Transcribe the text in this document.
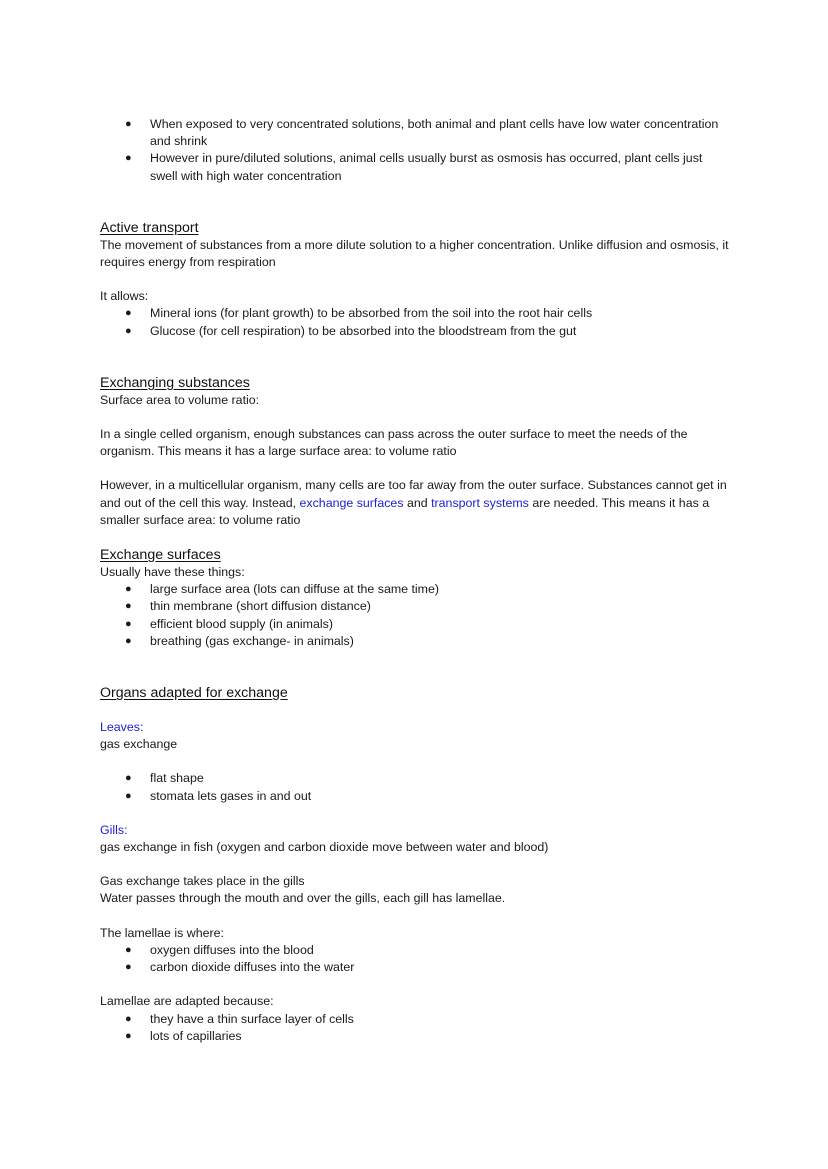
● When exposed to very concentrated solutions, both animal and plant cells have low water concentration and shrink
● However in pure/diluted solutions, animal cells usually burst as osmosis has occurred, plant cells just swell with high water concentration

Active transport

The movement of substances from a more dilute solution to a higher concentration. Unlike diffusion and osmosis, it requires energy from respiration

It allows:

● Mineral ions (for plant growth) to be absorbed from the soil into the root hair cells
● Glucose (for cell respiration) to be absorbed into the bloodstream from the gut

Exchanging substances

Surface area to volume ratio:

In a single celled organism, enough substances can pass across the outer surface to meet the needs of the organism. This means it has a large surface area: to volume ratio

However, in a multicellular organism, many cells are too far away from the outer surface. Substances cannot get in and out of the cell this way. Instead, exchange surfaces and transport systems are needed. This means it has a smaller surface area: to volume ratio

Exchange surfaces

Usually have these things:

● large surface area (lots can diffuse at the same time)
● thin membrane (short diffusion distance)
● efficient blood supply (in animals)
● breathing (gas exchange- in animals)

Organs adapted for exchange

Leaves:

gas exchange

● flat shape
● stomata lets gases in and out

Gills:

gas exchange in fish (oxygen and carbon dioxide move between water and blood)

Gas exchange takes place in the gills

Water passes through the mouth and over the gills, each gill has lamellae.

The lamellae is where:

● oxygen diffuses into the blood
● carbon dioxide diffuses into the water

Lamellae are adapted because:

● they have a thin surface layer of cells
● lots of capillaries
